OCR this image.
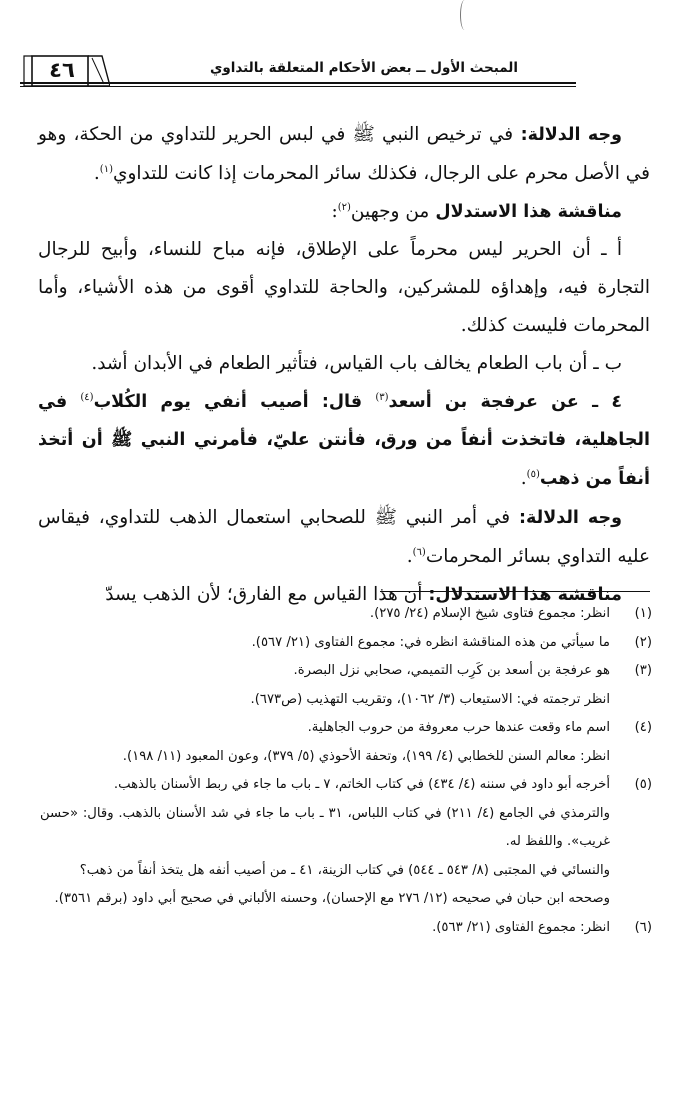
٤٦	المبحث الأول ــ بعض الأحكام المتعلقة بالتداوي

وجه الدلالة: في ترخيص النبي ﷺ في لبس الحرير للتداوي من الحكة، وهو في الأصل محرم على الرجال، فكذلك سائر المحرمات إذا كانت للتداوي$^{(١)}$.

مناقشة هذا الاستدلال من وجهين$^{(٢)}$:

أ ـ أن الحرير ليس محرماً على الإطلاق، فإنه مباح للنساء، وأبيح للرجال التجارة فيه، وإهداؤه للمشركين، والحاجة للتداوي أقوى من هذه الأشياء، وأما المحرمات فليست كذلك.

ب ـ أن باب الطعام يخالف باب القياس، فتأثير الطعام في الأبدان أشد.

٤ ـ عن عرفجة بن أسعد$^{(٣)}$ قال: أصيب أنفي يوم الكُلاب$^{(٤)}$ في الجاهلية، فاتخذت أنفاً من ورق، فأنتن عليّ، فأمرني النبي ﷺ أن أتخذ أنفاً من ذهب$^{(٥)}$.

وجه الدلالة: في أمر النبي ﷺ للصحابي استعمال الذهب للتداوي، فيقاس عليه التداوي بسائر المحرمات$^{(٦)}$.

مناقشة هذا الاستدلال: أن هذا القياس مع الفارق؛ لأن الذهب يسدّ

(١)

انظر: مجموع فتاوى شيخ الإسلام (٢٤/ ٢٧٥).

(٢)

ما سيأتي من هذه المناقشة انظره في: مجموع الفتاوى (٢١/ ٥٦٧).

(٣)

هو عرفجة بن أسعد بن كَرِب التميمي، صحابي نزل البصرة.

انظر ترجمته في: الاستيعاب (٣/ ١٠٦٢)، وتقريب التهذيب (ص٦٧٣).

(٤)

اسم ماء وقعت عندها حرب معروفة من حروب الجاهلية.

انظر: معالم السنن للخطابي (٤/ ١٩٩)، وتحفة الأحوذي (٥/ ٣٧٩)، وعون المعبود (١١/ ١٩٨).

(٥)

أخرجه أبو داود في سننه (٤/ ٤٣٤) في كتاب الخاتم، ٧ ـ باب ما جاء في ربط الأسنان بالذهب.

والترمذي في الجامع (٤/ ٢١١) في كتاب اللباس، ٣١ ـ باب ما جاء في شد الأسنان بالذهب. وقال: «حسن غريب». واللفظ له.

والنسائي في المجتبى (٨/ ٥٤٣ ـ ٥٤٤) في كتاب الزينة، ٤١ ـ من أصيب أنفه هل يتخذ أنفاً من ذهب؟

وصححه ابن حبان في صحيحه (١٢/ ٢٧٦ مع الإحسان)، وحسنه الألباني في صحيح أبي داود (برقم ٣٥٦١).

(٦)

انظر: مجموع الفتاوى (٢١/ ٥٦٣).
